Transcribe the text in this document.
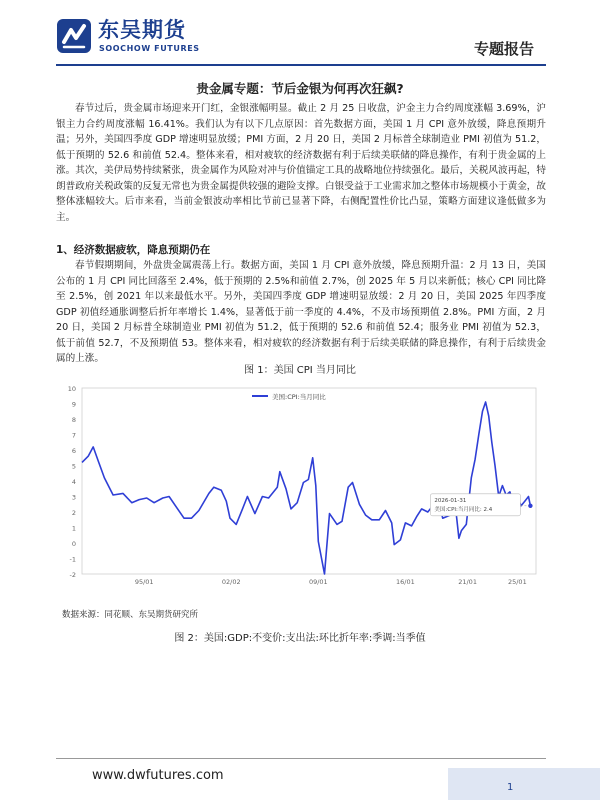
东吴期货
SOOCHOW FUTURES	专题报告
贵金属专题：节后金银为何再次狂飙?
春节过后，贵金属市场迎来开门红，金银涨幅明显。截止 2 月 25 日收盘，沪金主力合约周度涨幅 3.69%，沪银主力合约周度涨幅 16.41%。我们认为有以下几点原因：首先数据方面，美国 1 月 CPI 意外放缓，降息预期升温；另外，美国四季度 GDP 增速明显放缓；PMI 方面，2 月 20 日，美国 2 月标普全球制造业 PMI 初值为 51.2，低于预期的 52.6 和前值 52.4。整体来看，相对疲软的经济数据有利于后续美联储的降息操作，有利于贵金属的上涨。其次，美伊局势持续紧张，贵金属作为风险对冲与价值锚定工具的战略地位持续强化。最后，关税风波再起，特朗普政府关税政策的反复无常也为贵金属提供较强的避险支撑。白银受益于工业需求加之整体市场规模小于黄金，故整体涨幅较大。后市来看，当前金银波动率相比节前已显著下降，右侧配置性价比凸显，策略方面建议逢低做多为主。
1、经济数据疲软，降息预期仍在
春节假期期间，外盘贵金属震荡上行。数据方面，美国 1 月 CPI 意外放缓，降息预期升温：2 月 13 日，美国公布的 1 月 CPI 同比回落至 2.4%，低于预期的 2.5%和前值 2.7%，创 2025 年 5 月以来新低；核心 CPI 同比降至 2.5%，创 2021 年以来最低水平。另外，美国四季度 GDP 增速明显放缓：2 月 20 日，美国 2025 年四季度 GDP 初值经通胀调整后折年率增长 1.4%，显著低于前一季度的 4.4%，不及市场预期值 2.8%。PMI 方面，2 月 20 日，美国 2 月标普全球制造业 PMI 初值为 51.2，低于预期的 52.6 和前值 52.4；服务业 PMI 初值为 52.3，低于前值 52.7，不及预期值 53。整体来看，相对疲软的经济数据有利于后续美联储的降息操作，有利于后续贵金属的上涨。
图 1：美国 CPI 当月同比
-2
-1
0
1
2
3
4
5
6
7
8
9
10
95/01	02/02	09/01	16/01	21/01	25/01
美国:CPI:当月同比
2026-01-31
美国:CPI:当月同比: 2.4
数据来源：同花顺、东吴期货研究所
图 2：美国:GDP:不变价:支出法:环比折年率:季调:当季值
www.dwfutures.com
1
